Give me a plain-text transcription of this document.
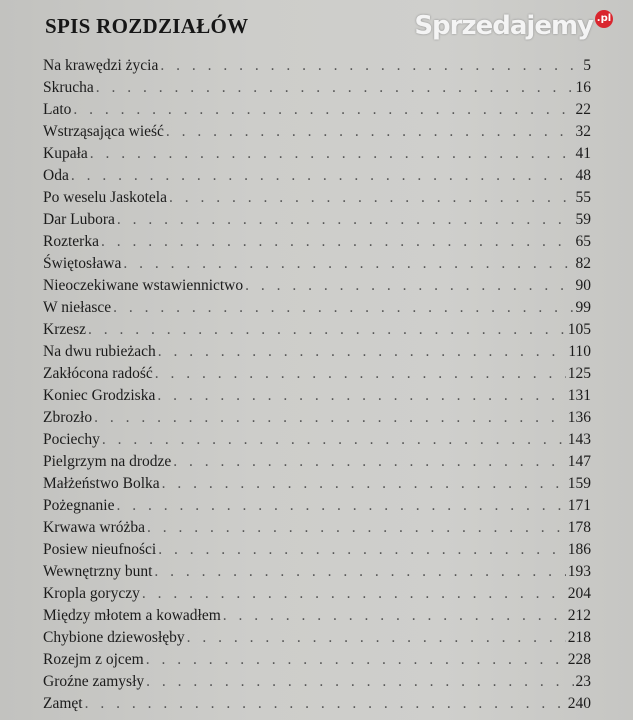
SPIS ROZDZIAŁÓW
Na krawędzi życia . . .	5
Skrucha . . .	16
Lato . . .	22
Wstrząsająca wieść . . .	32
Kupała . . .	41
Oda . . .	48
Po weselu Jaskotela . . .	55
Dar Lubora . . .	59
Rozterka . . .	65
Świętosława . . .	82
Nieoczekiwane wstawiennictwo . . .	90
W niełasce . . .	99
Krzesz . . .	105
Na dwu rubieżach . . .	110
Zakłócona radość . . .	125
Koniec Grodziska . . .	131
Zbrozło . . .	136
Pociechy . . .	143
Pielgrzym na drodze . . .	147
Małżeństwo Bolka . . .	159
Pożegnanie . . .	171
Krwawa wróżba . . .	178
Posiew nieufności . . .	186
Wewnętrzny bunt . . .	193
Kropla goryczy . . .	204
Między młotem a kowadłem . . .	212
Chybione dziewosłęby . . .	218
Rozejm z ojcem . . .	228
Groźne zamysły . . .	23
Zamęt . . .	240
Sprzedajemy $^{.pl}$
